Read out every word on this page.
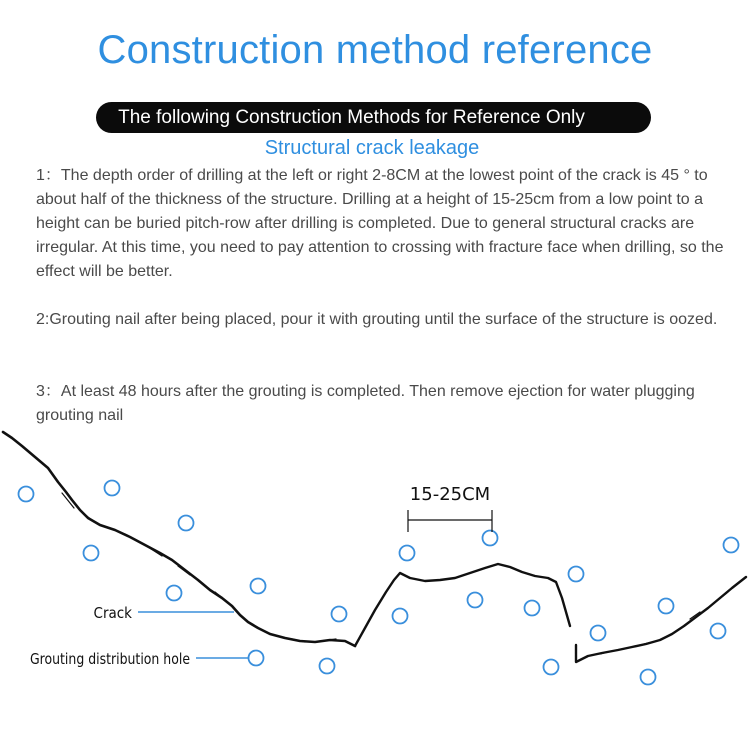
Construction method reference
The following Construction Methods for Reference Only
Structural crack leakage

1：The depth order of drilling at the left or right 2-8CM at the lowest point of the crack is 45 ° to about half of the thickness of the structure. Drilling at a height of 15-25cm from a low point to a height can be buried pitch-row after drilling is completed. Due to general structural cracks are irregular. At this time, you need to pay attention to crossing with fracture face when drilling, so the effect will be better.

2:Grouting nail after being placed, pour it with grouting until the surface of the structure is oozed.

3：At least 48 hours after the grouting is completed. Then remove ejection for water plugging grouting nail

15-25CM
Crack
Grouting distribution hole
